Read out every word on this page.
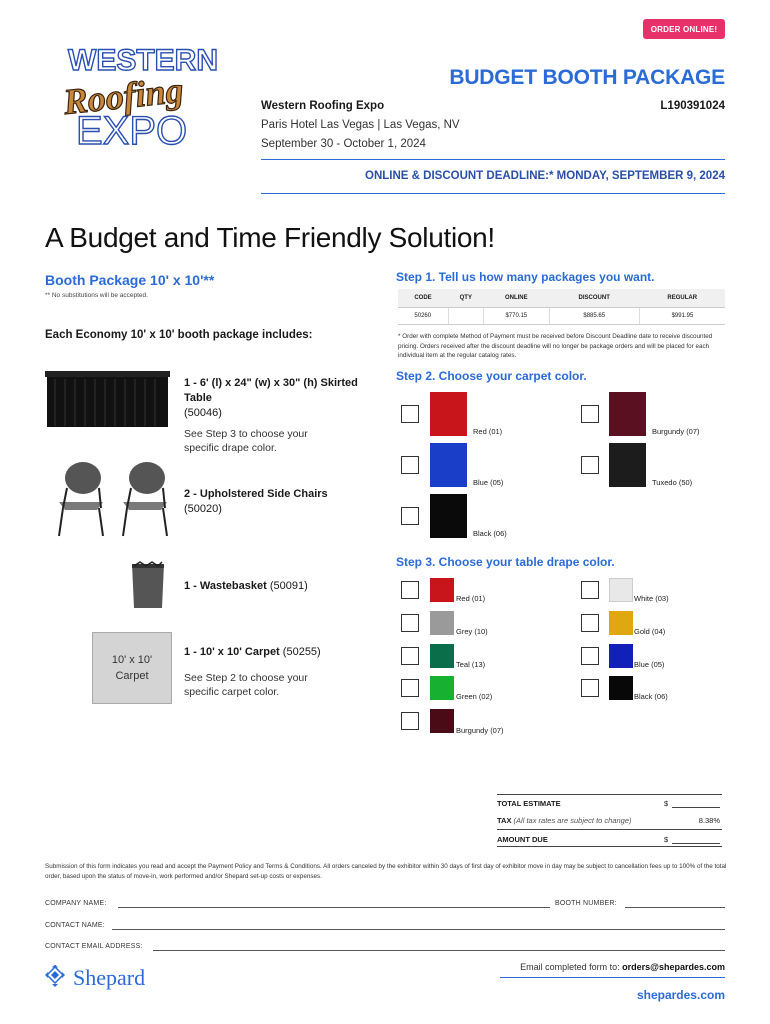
ORDER ONLINE!
WESTERN
Roofing
EXPO
BUDGET BOOTH PACKAGE
Western Roofing Expo	L190391024
Paris Hotel Las Vegas | Las Vegas, NV
September 30 - October 1, 2024
ONLINE & DISCOUNT DEADLINE:* MONDAY, SEPTEMBER 9, 2024
A Budget and Time Friendly Solution!
Booth Package 10' x 10'**
** No substitutions will be accepted.
Each Economy 10' x 10' booth package includes:
1 - 6' (l) x 24" (w) x 30" (h) Skirted Table
(50046)
See Step 3 to choose your specific drape color.
2 - Upholstered Side Chairs
(50020)
1 - Wastebasket (50091)
10' x 10'
Carpet
1 - 10' x 10' Carpet (50255)
See Step 2 to choose your specific carpet color.
Step 1. Tell us how many packages you want.
CODE	QTY	ONLINE	DISCOUNT	REGULAR
50260		$770.15	$885.65	$991.95
* Order with complete Method of Payment must be received before Discount Deadline date to receive discounted pricing. Orders received after the discount deadline will no longer be package orders and will be placed for each individual item at the regular catalog rates.
Step 2. Choose your carpet color.
Red (01)	Burgundy (07)
Blue (05)	Tuxedo (50)
Black (06)
Step 3. Choose your table drape color.
Red (01)	White (03)
Grey (10)	Gold (04)
Teal (13)	Blue (05)
Green (02)	Black (06)
Burgundy (07)
TOTAL ESTIMATE	$
TAX (All tax rates are subject to change)	8.38%
AMOUNT DUE	$
Submission of this form indicates you read and accept the Payment Policy and Terms & Conditions. All orders canceled by the exhibitor within 30 days of first day of exhibitor move in day may be subject to cancellation fees up to 100% of the total order, based upon the status of move-in, work performed and/or Shepard set-up costs or expenses.
COMPANY NAME:	BOOTH NUMBER:
CONTACT NAME:
CONTACT EMAIL ADDRESS:
Shepard	Email completed form to: orders@shepardes.com
shepardes.com
